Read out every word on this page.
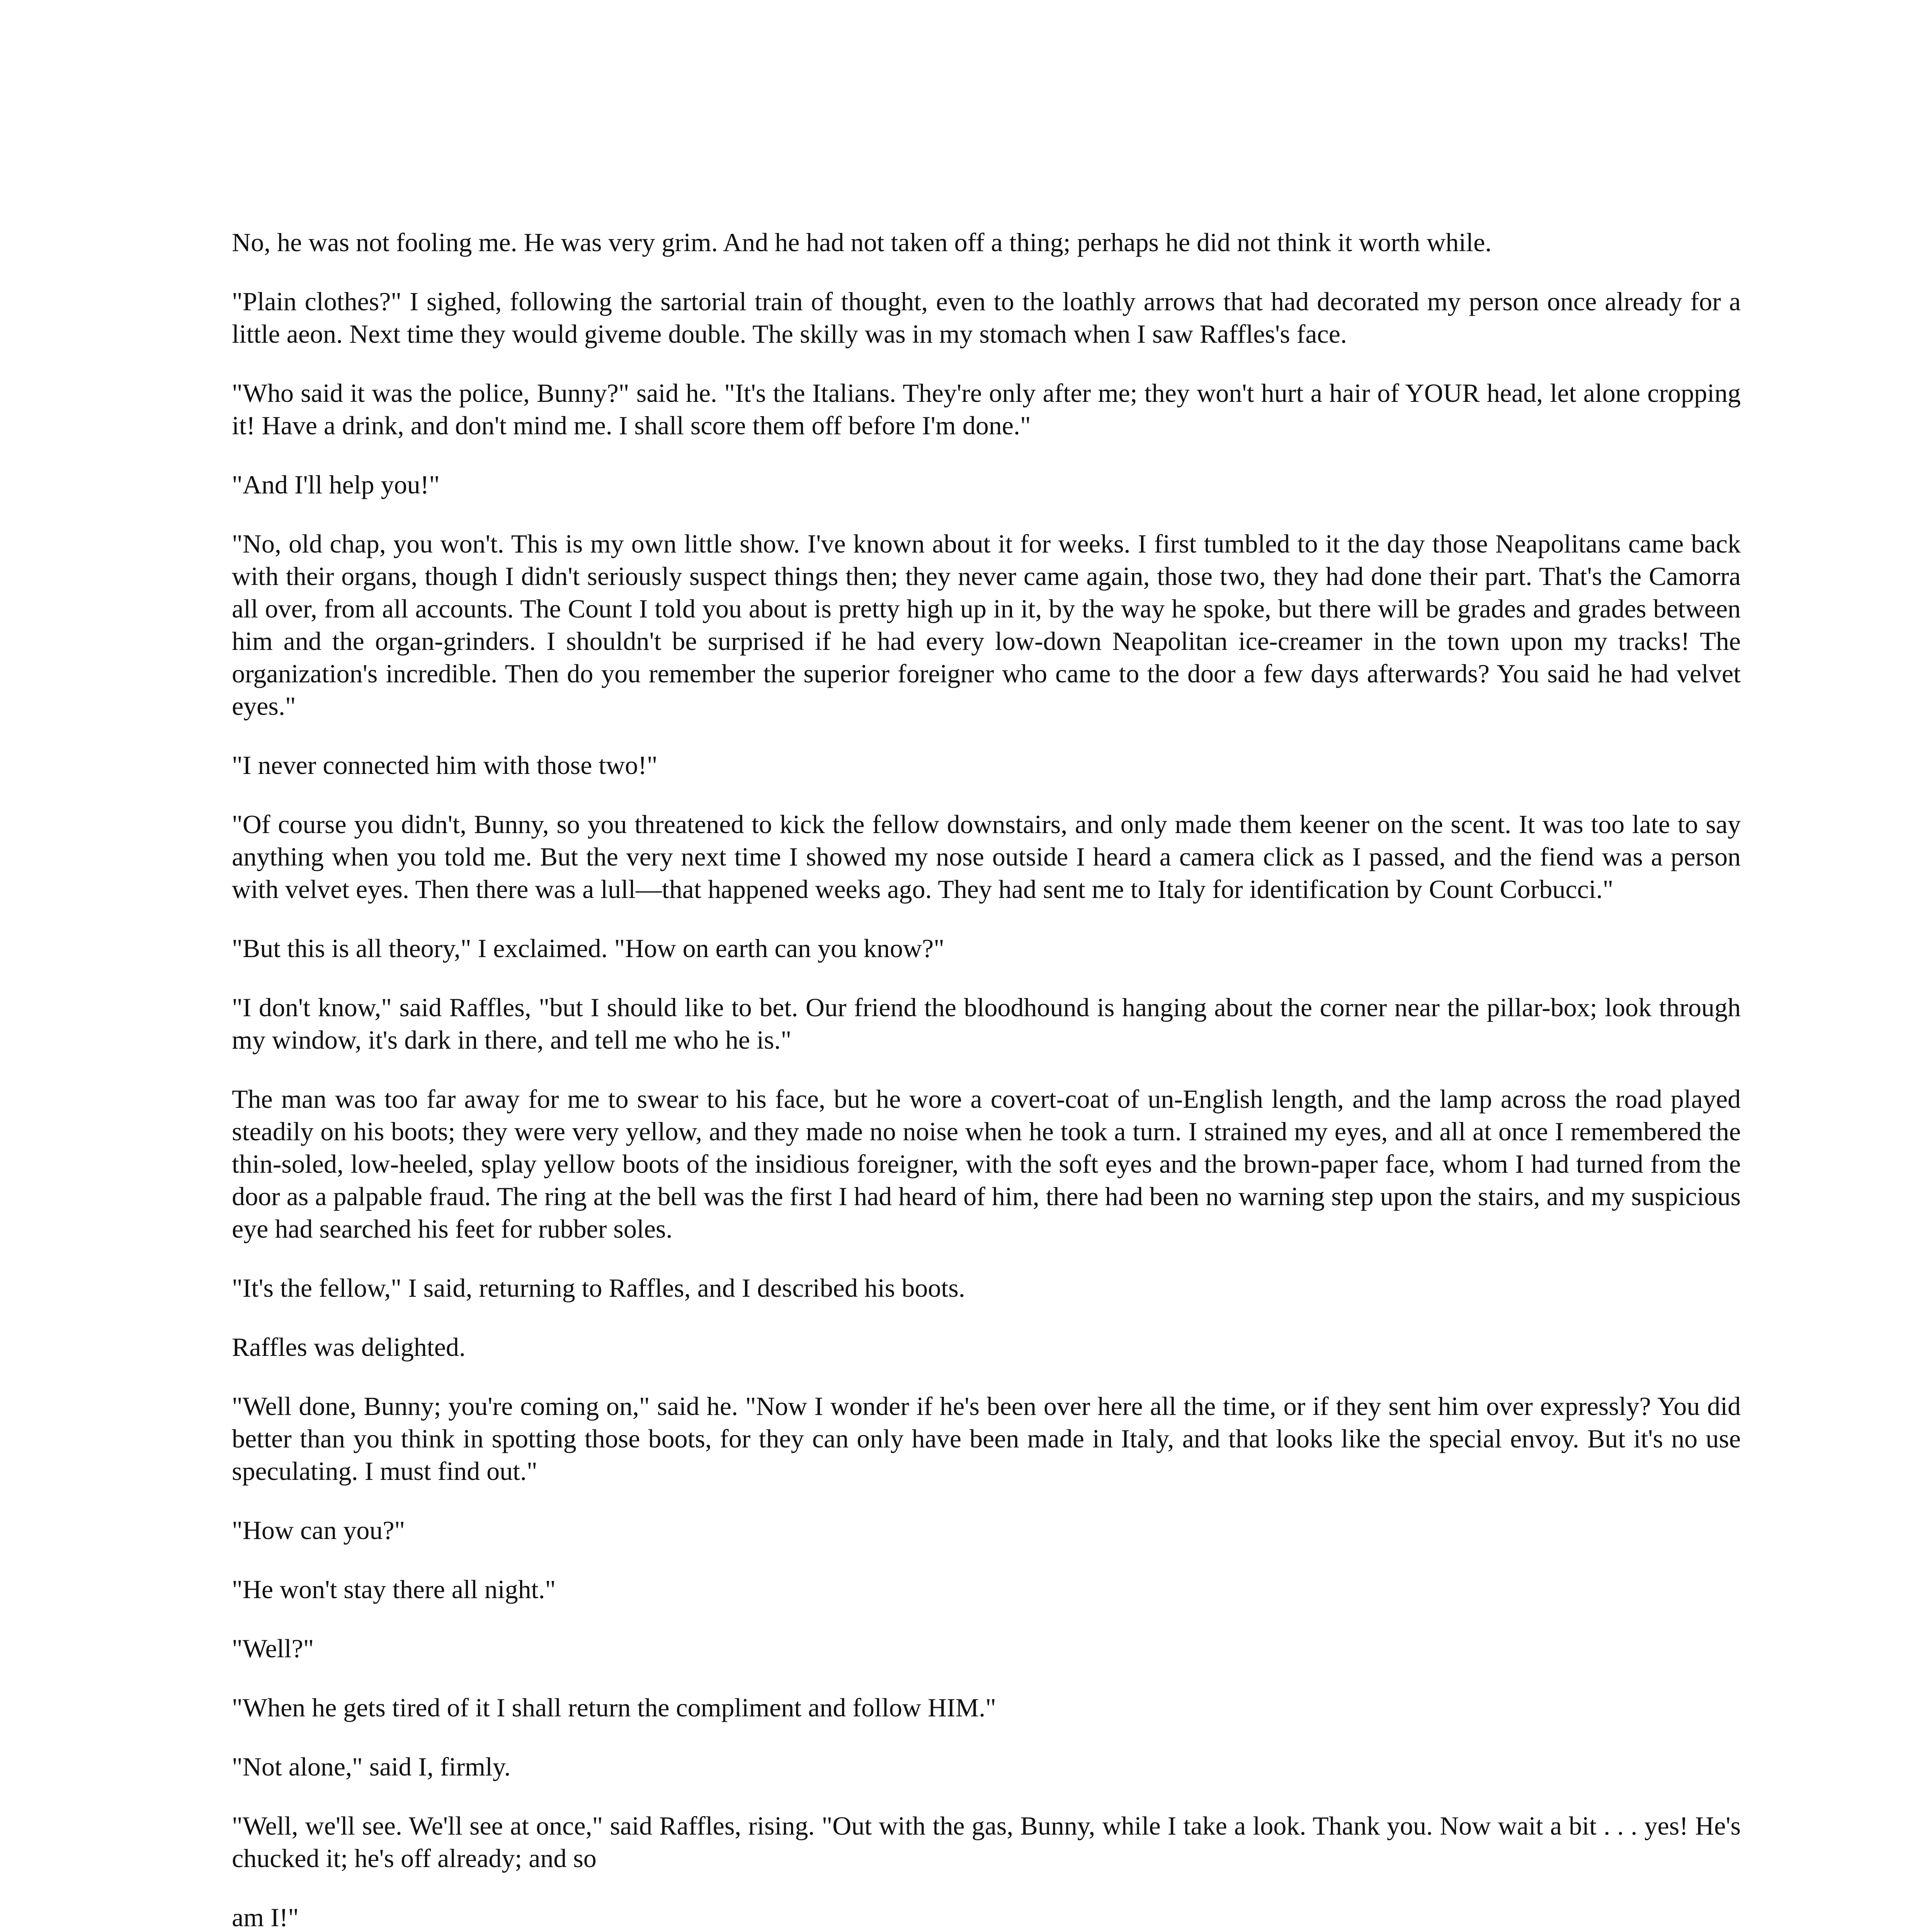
No, he was not fooling me. He was very grim. And he had not taken off a thing; perhaps he did not think it worth while.

"Plain clothes?" I sighed, following the sartorial train of thought, even to the loathly arrows that had decorated my person once already for a little aeon. Next time they would giveme double. The skilly was in my stomach when I saw Raffles's face.

"Who said it was the police, Bunny?" said he. "It's the Italians. They're only after me; they won't hurt a hair of YOUR head, let alone cropping it! Have a drink, and don't mind me. I shall score them off before I'm done."

"And I'll help you!"

"No, old chap, you won't. This is my own little show. I've known about it for weeks. I first tumbled to it the day those Neapolitans came back with their organs, though I didn't seriously suspect things then; they never came again, those two, they had done their part. That's the Camorra all over, from all accounts. The Count I told you about is pretty high up in it, by the way he spoke, but there will be grades and grades between him and the organ-grinders. I shouldn't be surprised if he had every low-down Neapolitan ice-creamer in the town upon my tracks! The organization's incredible. Then do you remember the superior foreigner who came to the door a few days afterwards? You said he had velvet eyes."

"I never connected him with those two!"

"Of course you didn't, Bunny, so you threatened to kick the fellow downstairs, and only made them keener on the scent. It was too late to say anything when you told me. But the very next time I showed my nose outside I heard a camera click as I passed, and the fiend was a person with velvet eyes. Then there was a lull—that happened weeks ago. They had sent me to Italy for identification by Count Corbucci."

"But this is all theory," I exclaimed. "How on earth can you know?"

"I don't know," said Raffles, "but I should like to bet. Our friend the bloodhound is hanging about the corner near the pillar-box; look through my window, it's dark in there, and tell me who he is."

The man was too far away for me to swear to his face, but he wore a covert-coat of un-English length, and the lamp across the road played steadily on his boots; they were very yellow, and they made no noise when he took a turn. I strained my eyes, and all at once I remembered the thin-soled, low-heeled, splay yellow boots of the insidious foreigner, with the soft eyes and the brown-paper face, whom I had turned from the door as a palpable fraud. The ring at the bell was the first I had heard of him, there had been no warning step upon the stairs, and my suspicious eye had searched his feet for rubber soles.

"It's the fellow," I said, returning to Raffles, and I described his boots.

Raffles was delighted.

"Well done, Bunny; you're coming on," said he. "Now I wonder if he's been over here all the time, or if they sent him over expressly? You did better than you think in spotting those boots, for they can only have been made in Italy, and that looks like the special envoy. But it's no use speculating. I must find out."

"How can you?"

"He won't stay there all night."

"Well?"

"When he gets tired of it I shall return the compliment and follow HIM."

"Not alone," said I, firmly.

"Well, we'll see. We'll see at once," said Raffles, rising. "Out with the gas, Bunny, while I take a look. Thank you. Now wait a bit . . . yes! He's chucked it; he's off already; and so

am I!"
